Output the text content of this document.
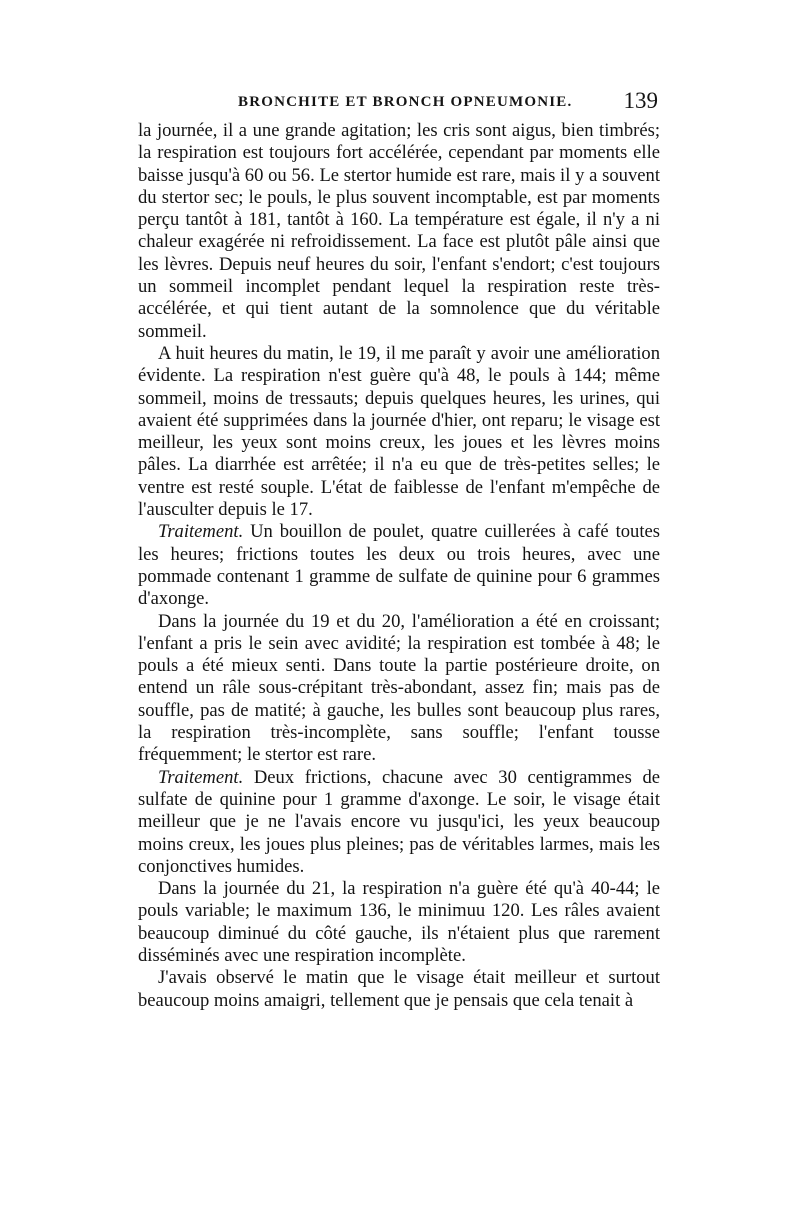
BRONCHITE ET BRONCH OPNEUMONIE. 139

la journée, il a une grande agitation; les cris sont aigus, bien timbrés; la respiration est toujours fort accélérée, cependant par moments elle baisse jusqu'à 60 ou 56. Le stertor humide est rare, mais il y a souvent du stertor sec; le pouls, le plus souvent incomptable, est par moments perçu tantôt à 181, tantôt à 160. La température est égale, il n'y a ni chaleur exagérée ni refroidissement. La face est plutôt pâle ainsi que les lèvres. Depuis neuf heures du soir, l'enfant s'endort; c'est toujours un sommeil incomplet pendant lequel la respiration reste très-accélérée, et qui tient autant de la somnolence que du véritable sommeil.

A huit heures du matin, le 19, il me paraît y avoir une amélioration évidente. La respiration n'est guère qu'à 48, le pouls à 144; même sommeil, moins de tressauts; depuis quelques heures, les urines, qui avaient été supprimées dans la journée d'hier, ont reparu; le visage est meilleur, les yeux sont moins creux, les joues et les lèvres moins pâles. La diarrhée est arrêtée; il n'a eu que de très-petites selles; le ventre est resté souple. L'état de faiblesse de l'enfant m'empêche de l'ausculter depuis le 17.

Traitement. Un bouillon de poulet, quatre cuillerées à café toutes les heures; frictions toutes les deux ou trois heures, avec une pommade contenant 1 gramme de sulfate de quinine pour 6 grammes d'axonge.

Dans la journée du 19 et du 20, l'amélioration a été en croissant; l'enfant a pris le sein avec avidité; la respiration est tombée à 48; le pouls a été mieux senti. Dans toute la partie postérieure droite, on entend un râle sous-crépitant très-abondant, assez fin; mais pas de souffle, pas de matité; à gauche, les bulles sont beaucoup plus rares, la respiration très-incomplète, sans souffle; l'enfant tousse fréquemment; le stertor est rare.

Traitement. Deux frictions, chacune avec 30 centigrammes de sulfate de quinine pour 1 gramme d'axonge. Le soir, le visage était meilleur que je ne l'avais encore vu jusqu'ici, les yeux beaucoup moins creux, les joues plus pleines; pas de véritables larmes, mais les conjonctives humides.

Dans la journée du 21, la respiration n'a guère été qu'à 40-44; le pouls variable; le maximum 136, le minimuu 120. Les râles avaient beaucoup diminué du côté gauche, ils n'étaient plus que rarement disséminés avec une respiration incomplète.

J'avais observé le matin que le visage était meilleur et surtout beaucoup moins amaigri, tellement que je pensais que cela tenait à
